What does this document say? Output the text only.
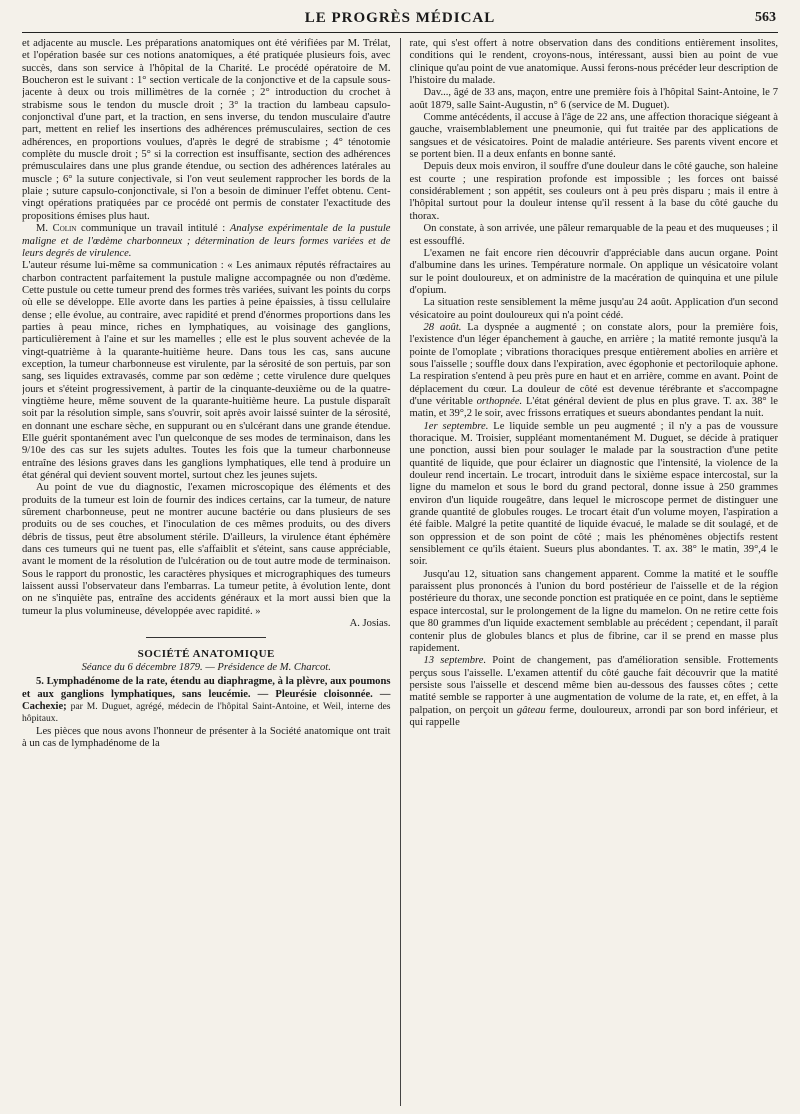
LE PROGRÈS MÉDICAL	563

et adjacente au muscle. Les préparations anatomiques ont été vérifiées par M. Trélat, et l'opération basée sur ces notions anatomiques, a été pratiquée plusieurs fois, avec succès, dans son service à l'hôpital de la Charité. Le procédé opératoire de M. Boucheron est le suivant : 1° section verticale de la conjonctive et de la capsule sous-jacente à deux ou trois millimètres de la cornée ; 2° introduction du crochet à strabisme sous le tendon du muscle droit ; 3° la traction du lambeau capsulo-conjonctival d'une part, et la traction, en sens inverse, du tendon musculaire d'autre part, mettent en relief les insertions des adhérences prémusculaires, section de ces adhérences, en proportions voulues, d'après le degré de strabisme ; 4° ténotomie complète du muscle droit ; 5° si la correction est insuffisante, section des adhérences prémusculaires dans une plus grande étendue, ou section des adhérences latérales au muscle ; 6° la suture conjectivale, si l'on veut seulement rapprocher les bords de la plaie ; suture capsulo-conjonctivale, si l'on a besoin de diminuer l'effet obtenu. Cent-vingt opérations pratiquées par ce procédé ont permis de constater l'exactitude des propositions émises plus haut.

M. Colin communique un travail intitulé : Analyse expérimentale de la pustule maligne et de l'œdème charbonneux ; détermination de leurs formes variées et de leurs degrés de virulence.

L'auteur résume lui-même sa communication : « Les animaux réputés réfractaires au charbon contractent parfaitement la pustule maligne accompagnée ou non d'œdème. Cette pustule ou cette tumeur prend des formes très variées, suivant les points du corps où elle se développe. Elle avorte dans les parties à peine épaissies, à tissu cellulaire dense ; elle évolue, au contraire, avec rapidité et prend d'énormes proportions dans les parties à peau mince, riches en lymphatiques, au voisinage des ganglions, particulièrement à l'aine et sur les mamelles ; elle est le plus souvent achevée de la vingt-quatrième à la quarante-huitième heure. Dans tous les cas, sans aucune exception, la tumeur charbonneuse est virulente, par la sérosité de son pertuis, par son sang, ses liquides extravasés, comme par son œdème ; cette virulence dure quelques jours et s'éteint progressivement, à partir de la cinquante-deuxième ou de la quatre-vingtième heure, même souvent de la quarante-huitième heure. La pustule disparaît soit par la résolution simple, sans s'ouvrir, soit après avoir laissé suinter de la sérosité, en donnant une eschare sèche, en suppurant ou en s'ulcérant dans une grande étendue. Elle guérit spontanément avec l'un quelconque de ses modes de terminaison, dans les 9/10e des cas sur les sujets adultes. Toutes les fois que la tumeur charbonneuse entraîne des lésions graves dans les ganglions lymphatiques, elle tend à produire un état général qui devient souvent mortel, surtout chez les jeunes sujets.

Au point de vue du diagnostic, l'examen microscopique des éléments et des produits de la tumeur est loin de fournir des indices certains, car la tumeur, de nature sûrement charbonneuse, peut ne montrer aucune bactérie ou dans plusieurs de ses produits ou de ses couches, et l'inoculation de ces mêmes produits, ou des divers débris de tissus, peut être absolument stérile. D'ailleurs, la virulence étant éphémère dans ces tumeurs qui ne tuent pas, elle s'affaiblit et s'éteint, sans cause appréciable, avant le moment de la résolution de l'ulcération ou de tout autre mode de terminaison. Sous le rapport du pronostic, les caractères physiques et micrographiques des tumeurs laissent aussi l'observateur dans l'embarras. La tumeur petite, à évolution lente, dont on ne s'inquiète pas, entraîne des accidents généraux et la mort aussi bien que la tumeur la plus volumineuse, développée avec rapidité. »

A. Josias.
SOCIÉTÉ ANATOMIQUE
Séance du 6 décembre 1879. — Présidence de M. Charcot.

5. Lymphadénome de la rate, étendu au diaphragme, à la plèvre, aux poumons et aux ganglions lymphatiques, sans leucémie. — Pleurésie cloisonnée. — Cachexie; par M. Duguet, agrégé, médecin de l'hôpital Saint-Antoine, et Weil, interne des hôpitaux.

Les pièces que nous avons l'honneur de présenter à la Société anatomique ont trait à un cas de lymphadénome de la

rate, qui s'est offert à notre observation dans des conditions entièrement insolites, conditions qui le rendent, croyons-nous, intéressant, aussi bien au point de vue clinique qu'au point de vue anatomique. Aussi ferons-nous précéder leur description de l'histoire du malade.

Dav..., âgé de 33 ans, maçon, entre une première fois à l'hôpital Saint-Antoine, le 7 août 1879, salle Saint-Augustin, n° 6 (service de M. Duguet).

Comme antécédents, il accuse à l'âge de 22 ans, une affection thoracique siégeant à gauche, vraisemblablement une pneumonie, qui fut traitée par des applications de sangsues et de vésicatoires. Point de maladie antérieure. Ses parents vivent encore et se portent bien. Il a deux enfants en bonne santé.

Depuis deux mois environ, il souffre d'une douleur dans le côté gauche, son haleine est courte ; une respiration profonde est impossible ; les forces ont baissé considérablement ; son appétit, ses couleurs ont à peu près disparu ; mais il entre à l'hôpital surtout pour la douleur intense qu'il ressent à la base du côté gauche du thorax.

On constate, à son arrivée, une pâleur remarquable de la peau et des muqueuses ; il est essoufflé.

L'examen ne fait encore rien découvrir d'appréciable dans aucun organe. Point d'albumine dans les urines. Température normale. On applique un vésicatoire volant sur le point douloureux, et on administre de la macération de quinquina et une pilule d'opium.

La situation reste sensiblement la même jusqu'au 24 août. Application d'un second vésicatoire au point douloureux qui n'a point cédé.

28 août. La dyspnée a augmenté ; on constate alors, pour la première fois, l'existence d'un léger épanchement à gauche, en arrière ; la matité remonte jusqu'à la pointe de l'omoplate ; vibrations thoraciques presque entièrement abolies en arrière et sous l'aisselle ; souffle doux dans l'expiration, avec égophonie et pectoriloquie aphone. La respiration s'entend à peu près pure en haut et en arrière, comme en avant. Point de déplacement du cœur. La douleur de côté est devenue térébrante et s'accompagne d'une véritable orthopnée. L'état général devient de plus en plus grave. T. ax. 38° le matin, et 39°,2 le soir, avec frissons erratiques et sueurs abondantes pendant la nuit.

1er septembre. Le liquide semble un peu augmenté ; il n'y a pas de voussure thoracique. M. Troisier, suppléant momentanément M. Duguet, se décide à pratiquer une ponction, aussi bien pour soulager le malade par la soustraction d'une petite quantité de liquide, que pour éclairer un diagnostic que l'intensité, la violence de la douleur rend incertain. Le trocart, introduit dans le sixième espace intercostal, sur la ligne du mamelon et sous le bord du grand pectoral, donne issue à 250 grammes environ d'un liquide rougeâtre, dans lequel le microscope permet de distinguer une grande quantité de globules rouges. Le trocart était d'un volume moyen, l'aspiration a été faible. Malgré la petite quantité de liquide évacué, le malade se dit soulagé, et de son oppression et de son point de côté ; mais les phénomènes objectifs restent sensiblement ce qu'ils étaient. Sueurs plus abondantes. T. ax. 38° le matin, 39°,4 le soir.

Jusqu'au 12, situation sans changement apparent. Comme la matité et le souffle paraissent plus prononcés à l'union du bord postérieur de l'aisselle et de la région postérieure du thorax, une seconde ponction est pratiquée en ce point, dans le septième espace intercostal, sur le prolongement de la ligne du mamelon. On ne retire cette fois que 80 grammes d'un liquide exactement semblable au précédent ; cependant, il paraît contenir plus de globules blancs et plus de fibrine, car il se prend en masse plus rapidement.

13 septembre. Point de changement, pas d'amélioration sensible. Frottements perçus sous l'aisselle. L'examen attentif du côté gauche fait découvrir que la matité persiste sous l'aisselle et descend même bien au-dessous des fausses côtes ; cette matité semble se rapporter à une augmentation de volume de la rate, et, en effet, à la palpation, on perçoit un gâteau ferme, douloureux, arrondi par son bord inférieur, et qui rappelle
